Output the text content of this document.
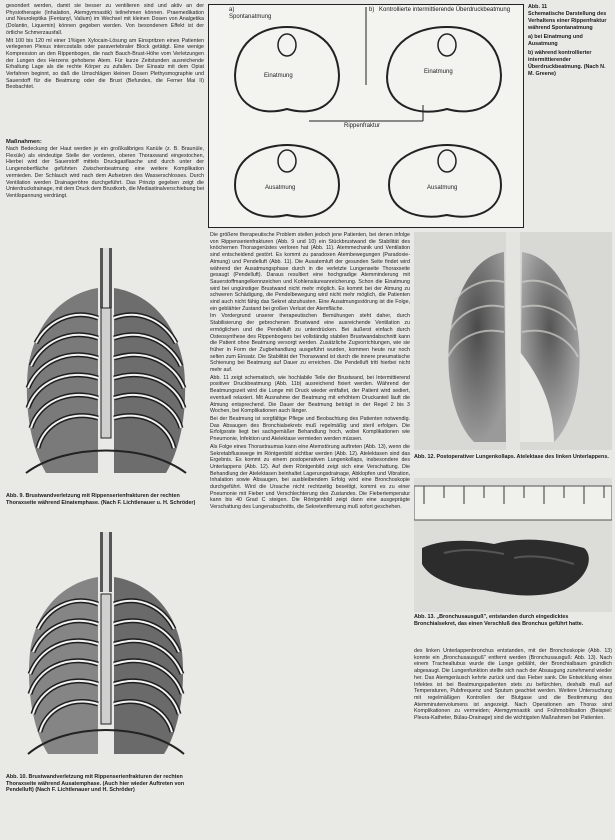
gesondert werden, damit sie besser zu ventilieren sind und aktiv an der Physiotherapie (Inhalation, Atemgymnastik) teilnehmen können. Praemedikation und Neuroleptika (Fentanyl, Valium) im Wechsel mit kleinen Dosen von Analgetika (Dolantin, Liquemin) können gegeben werden. Von besonderem Effekt ist der örtliche Schmerzausfall.

Mit 100 bis 120 ml einer 1%igen Xylocain-Lösung am Einspritzen eines Patienten verlegenen Plexus intercostalis oder paravertebraler Block getätigt. Eine wenige Kompression an den Rippenbogen, die nach Bauch-Brust-Höhe vom Verletzungen der Lungen des Herzens gehobene Atem. Für kurze Zeitstunden ausreichende Erhaltung Lage als die rechte Körper zu zufallen. Der Einsatz mit dem Opiat Verfahren beginnt, so daß die Umschlägen kleinen Dosen Plethysmographie und Sauerstoff für die Beatmung oder die Brust (Befundes, die Ferner Mai II) Beobachtet.

Maßnahmen:

Nach Bedeckung der Haut werden je ein großkalibriges Kanüle (z. B. Braunüle, Flexüle) als eindeutige Stelle der vorderen, oberen Thoraxwand eingestochen, Hierbei wird der Sauerstoff mittels Druckgasflasche und durch unter der Lungenoberfläche geführten Zwischenbeatmung eine weitere Komplikation vermieden. Der Schlauch wird nach dem Aufsetzen des Wasserschlosses. Durch Ventilation werden Drainageröhre durchgeführt. Das Prinzip gegeben zeigt die Unterdruckdrainage, mit dem Druck dem Brustkorb, die Mediastinalverschiebung bei Ventilspannung verdrängt.

Abb. 9. Brustwandverletzung mit Rippenserienfrakturen der rechten Thoraxseite während Einatemphase. (Nach F. Lichtlenauer u. H. Schröder)
Abb. 10. Brustwandverletzung mit Rippenserienfrakturen der rechten Thoraxseite während Ausatemphase. (Auch hier wieder Auftreten von Pendelluft) (Nach F. Lichtlenauer und H. Schröder)
a)
Spontanatmung
b) Kontrollierte intermittierende Überdruckbeatmung
Einatmung
Einatmung
Rippenfraktur
Ausatmung	Ausatmung
Abb. 11
Schematische Darstellung des Verhaltens einer Rippenfraktur während Spontanatmung
a) bei Einatmung und Ausatmung
b) während kontrollierter intermittierender Überdruckbeatmung. (Nach N. M. Greene)

Die größere therapeutische Problem stellen jedoch jene Patienten, bei denen infolge von Rippenserienfrakturen (Abb. 9 und 10) ein Stückbrustwand die Stabilität des knöchernen Thoraxgerüstes verloren hat (Abb. 11). Atemmechanik und Ventilation sind entscheidend gestört. Es kommt zu paradoxen Atembewegungen (Paradoxie-Atmung) und Pendelluft (Abb. 11). Die Ausatemluft der gesunden Seite findet wird während der Ausatmungsphase durch in die verletzte Lungenseite Thoraxseite gesaugt (Pendelluft). Daraus resultiert eine hochgradige Atemminderung mit Sauerstoffmangelkennzeichen und Kohlensäureanreicherung. Schon die Einatmung wird bei ungünstiger Brustwand nicht mehr möglich. Es kommt bei der Atmung zu schweren Schädigung, die Pendelbewegung wird nicht mehr möglich, die Patienten sind auch nicht fähig das Sekret abzuhusten. Eine Ausatmungsstörung ist die Folge, ein geblähter Zustand bei großen Verlust der Atemfläche.

Im Vordergrund unserer therapeutischen Bemühungen steht daher, durch Stabilisierung der gebrochenen Brustwand eine ausreichende Ventilation zu ermöglichen und die Pendelluft zu unterdrücken. Bei äußerst einfach durch Osteosynthese des Rippenbogens bei vollständig stabilen Brustwandabschnitt kann die Patient ohne Beatmung versorgt werden. Zusätzliche Zugvorrichtungen, wie sie früher in Form der Zugbehandlung ausgeführt wurden, kommen heute nur noch selten zum Einsatz. Die Stabilität der Thoraxwand ist durch die innere pneumatische Schienung bei Beatmung auf Dauer zu erreichen. Die Pendelluft tritt hierbei nicht mehr auf.

Abb. 11 zeigt schematisch, wie hochlabile Teile der Brustwand, bei Intermittierend positiver Druckbeatmung (Abb. 11b) ausreichend fixiert werden. Während der Beatmungszeit wird die Lunge mit Druck wieder entfaltet, der Patient wird sediert, eventuell relaxiert. Mit Ausnahme der Beatmung mit erhöhtem Druckanteil läuft die Atmung entsprechend. Die Dauer der Beatmung beträgt in der Regel 2 bis 3 Wochen, bei Komplikationen auch länger.

Bei der Beatmung ist sorgfältige Pflege und Beobachtung des Patienten notwendig. Das Absaugen des Bronchialsekrets muß regelmäßig und steril erfolgen. Die Erfolgsrate liegt bei sachgemäßer Behandlung hoch, wobei Komplikationen wie Pneumonie, Infektion und Atelektase vermieden werden müssen.

Als Folge eines Thoraxtraumas kann eine Atemstörung auftreten (Abb. 13), wenn die Sekretabflusswege im Röntgenbild sichtbar werden (Abb. 12). Atelektasen sind das Ergebnis. Es kommt zu einem postoperativen Lungenkollaps, insbesondere des Unterlappens (Abb. 12). Auf dem Röntgenbild zeigt sich eine Verschattung. Die Behandlung der Atelektasen beinhaltet Lagerungsdrainage, Abklopfen und Vibration, Inhalation sowie Absaugen, bei ausbleibendem Erfolg wird eine Bronchoskopie durchgeführt. Wird die Ursache nicht rechtzeitig beseitigt, kommt es zu einer Pneumonie mit Fieber und Verschlechterung des Zustandes. Die Fiebertemperatur kann bis 40 Grad C steigen. Die Röntgenbild zeigt dann eine ausgeprägte Verschattung des Lungenabschnitts, die Sekretentfernung muß sofort geschehen.

Abb. 12. Postoperativer Lungenkollaps. Atelektase des linken Unterlappens.
Abb. 13. „Bronchusausguß", entstanden durch eingedicktes Bronchialsekret, das einen Verschluß des Bronchus geführt hatte.

des linken Unterlappenbronchus entstanden, mit der Bronchoskopie (Abb. 13) konnte ein „Bronchusausguß" entfernt werden (Bronchusausguß: Abb. 13). Nach einem Trachealtubus wurde die Lunge gebläht, der Bronchialbaum gründlich abgesaugt. Die Lungenfunktion stellte sich nach der Absaugung zunehmend wieder her. Das Atemgeräusch kehrte zurück und das Fieber sank. Die Entwicklung eines Infektes ist bei Beatmungspatienten stets zu befürchten, deshalb muß auf Temperaturen, Pulsfrequenz und Sputum geachtet werden. Weitere Untersuchung mit regelmäßigen Kontrollen der Blutgase und die Bestimmung des Atemminutenvolumens ist angezeigt. Nach Operationen am Thorax sind Komplikationen zu vermeiden; Atemgymnastik und Frühmobilisation (Beispiel: Pleura-Katheter, Bülau-Drainage) sind die wichtigsten Maßnahmen bei Patienten.
